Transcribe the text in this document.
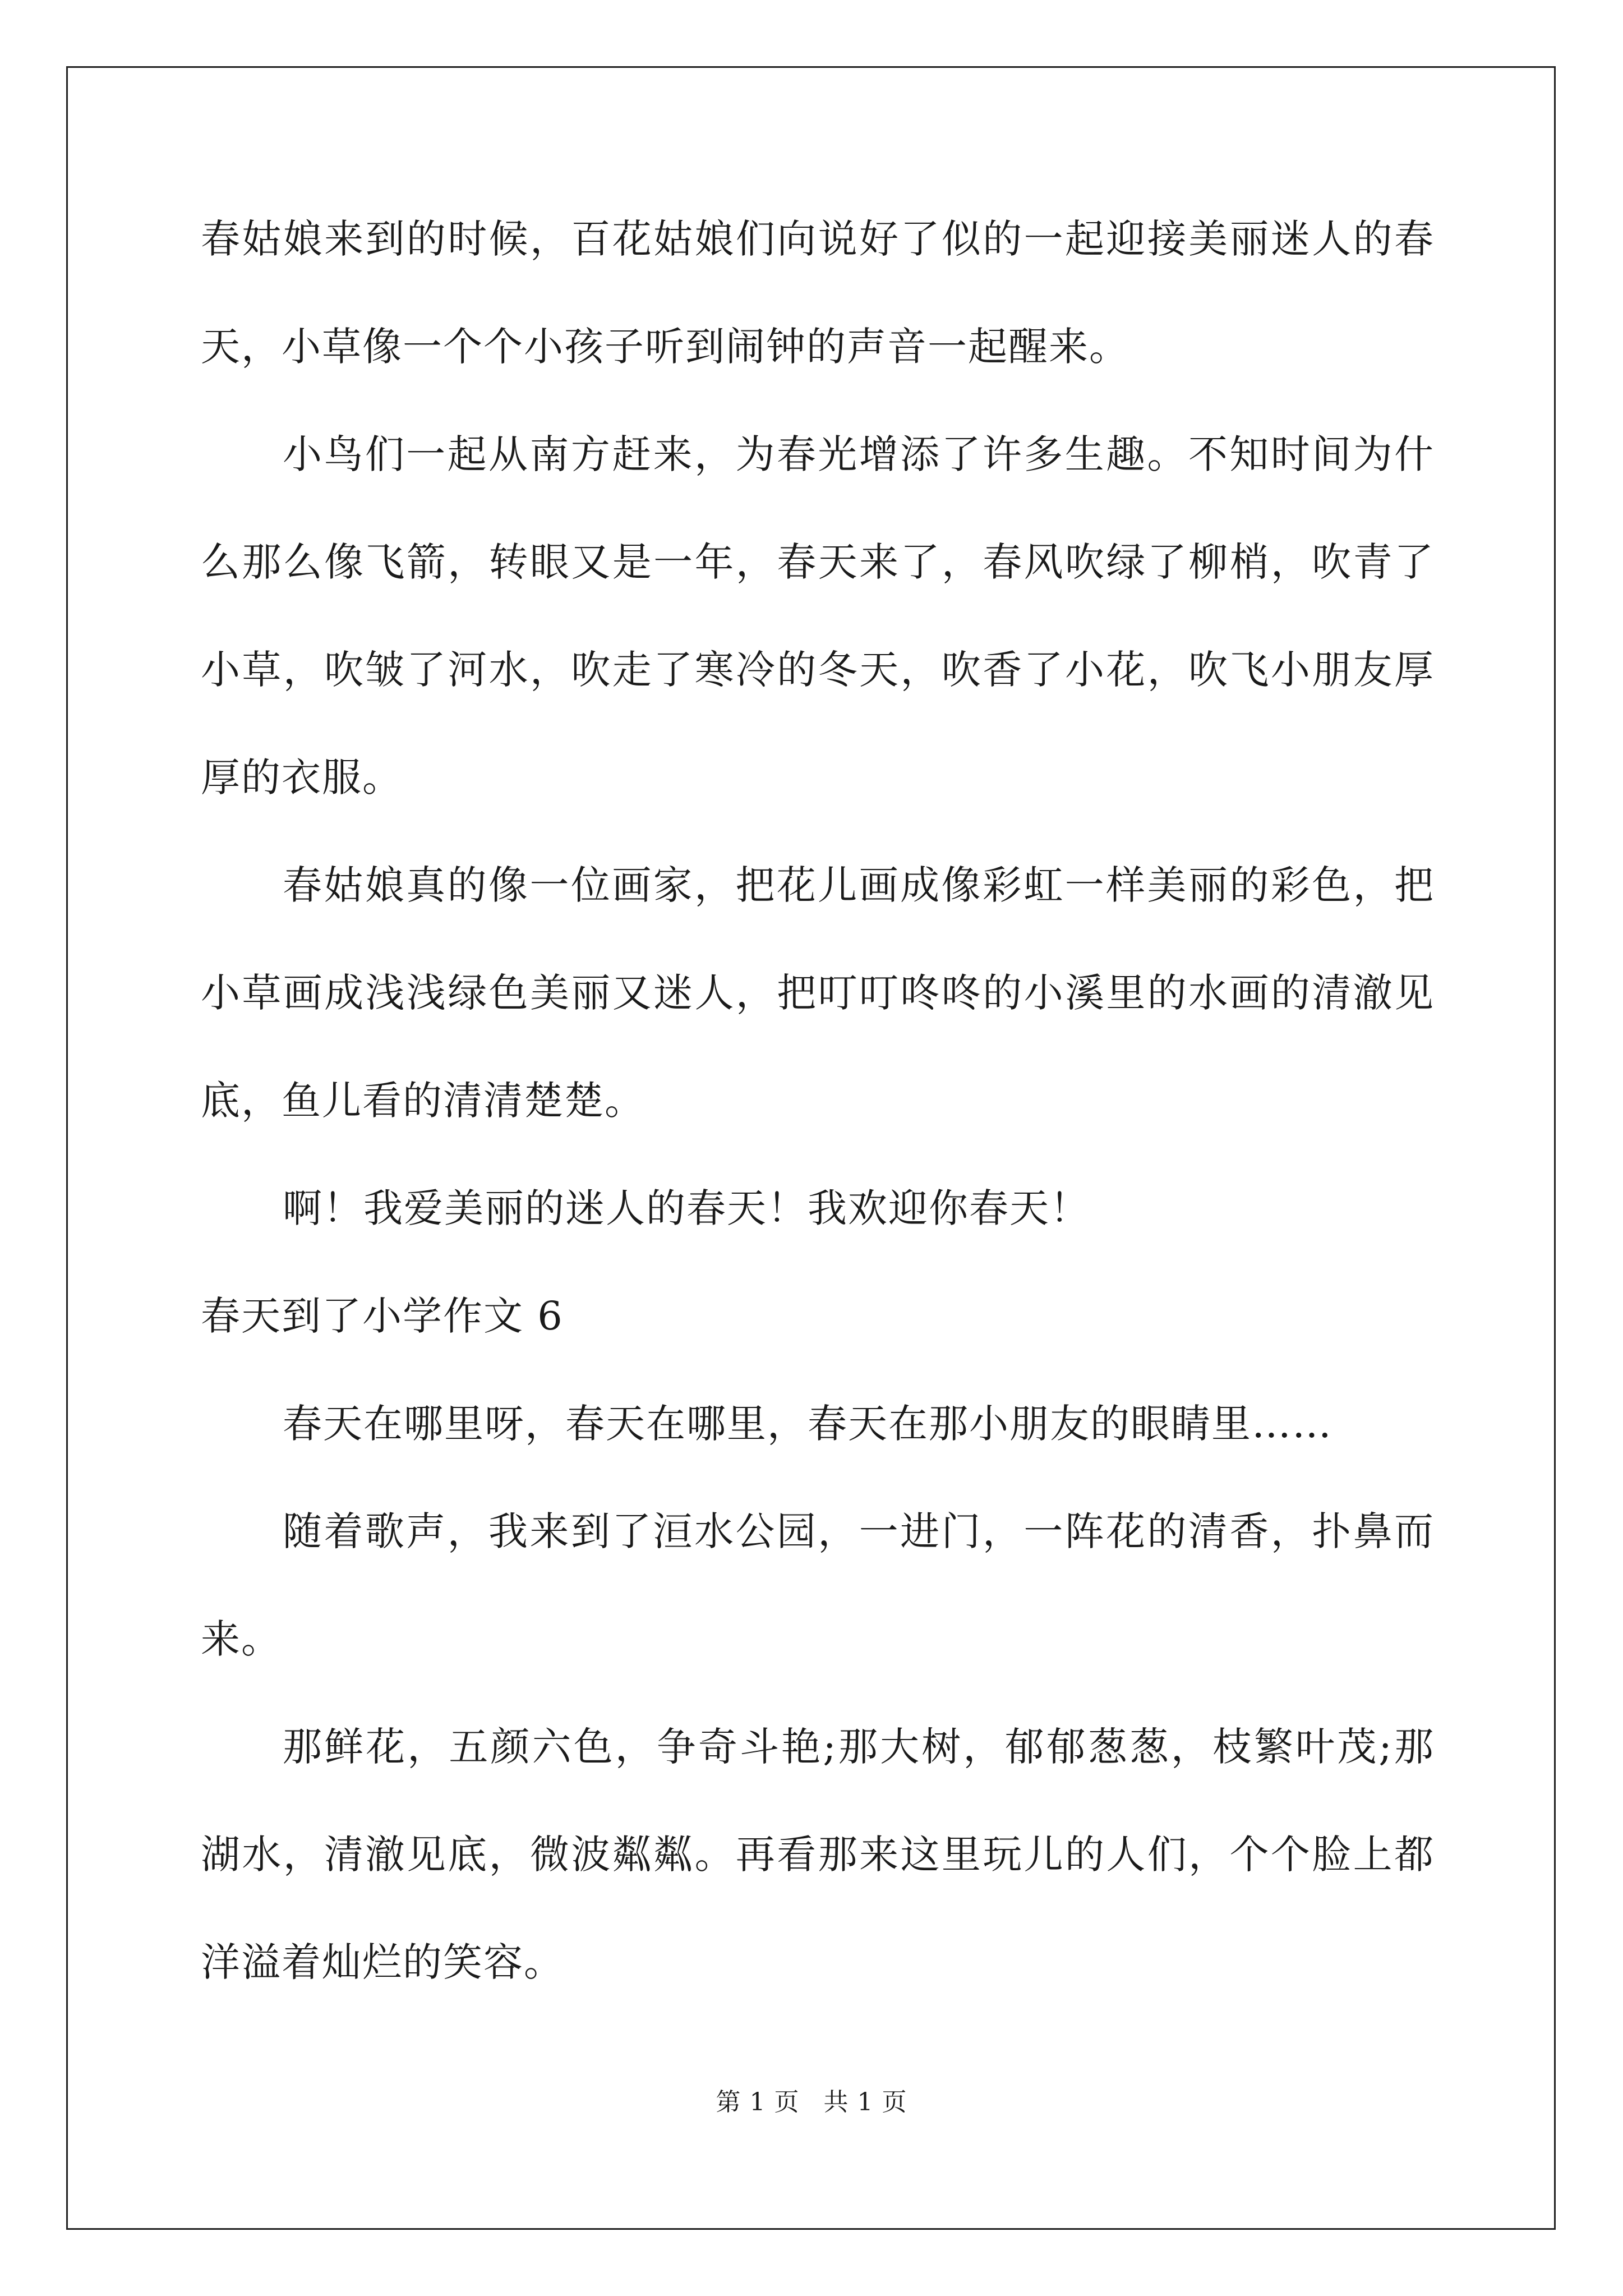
春姑娘来到的时候，百花姑娘们向说好了似的一起迎接美丽迷人的春天，小草像一个个小孩子听到闹钟的声音一起醒来。

小鸟们一起从南方赶来，为春光增添了许多生趣。不知时间为什么那么像飞箭，转眼又是一年，春天来了，春风吹绿了柳梢，吹青了小草，吹皱了河水，吹走了寒冷的冬天，吹香了小花，吹飞小朋友厚厚的衣服。

春姑娘真的像一位画家，把花儿画成像彩虹一样美丽的彩色，把小草画成浅浅绿色美丽又迷人，把叮叮咚咚的小溪里的水画的清澈见底，鱼儿看的清清楚楚。

啊！我爱美丽的迷人的春天！我欢迎你春天！

春天到了小学作文 6

春天在哪里呀，春天在哪里，春天在那小朋友的眼睛里……

随着歌声，我来到了洹水公园，一进门，一阵花的清香，扑鼻而来。

那鲜花，五颜六色，争奇斗艳;那大树，郁郁葱葱，枝繁叶茂;那湖水，清澈见底，微波粼粼。再看那来这里玩儿的人们，个个脸上都洋溢着灿烂的笑容。

第 1 页 共 1 页
